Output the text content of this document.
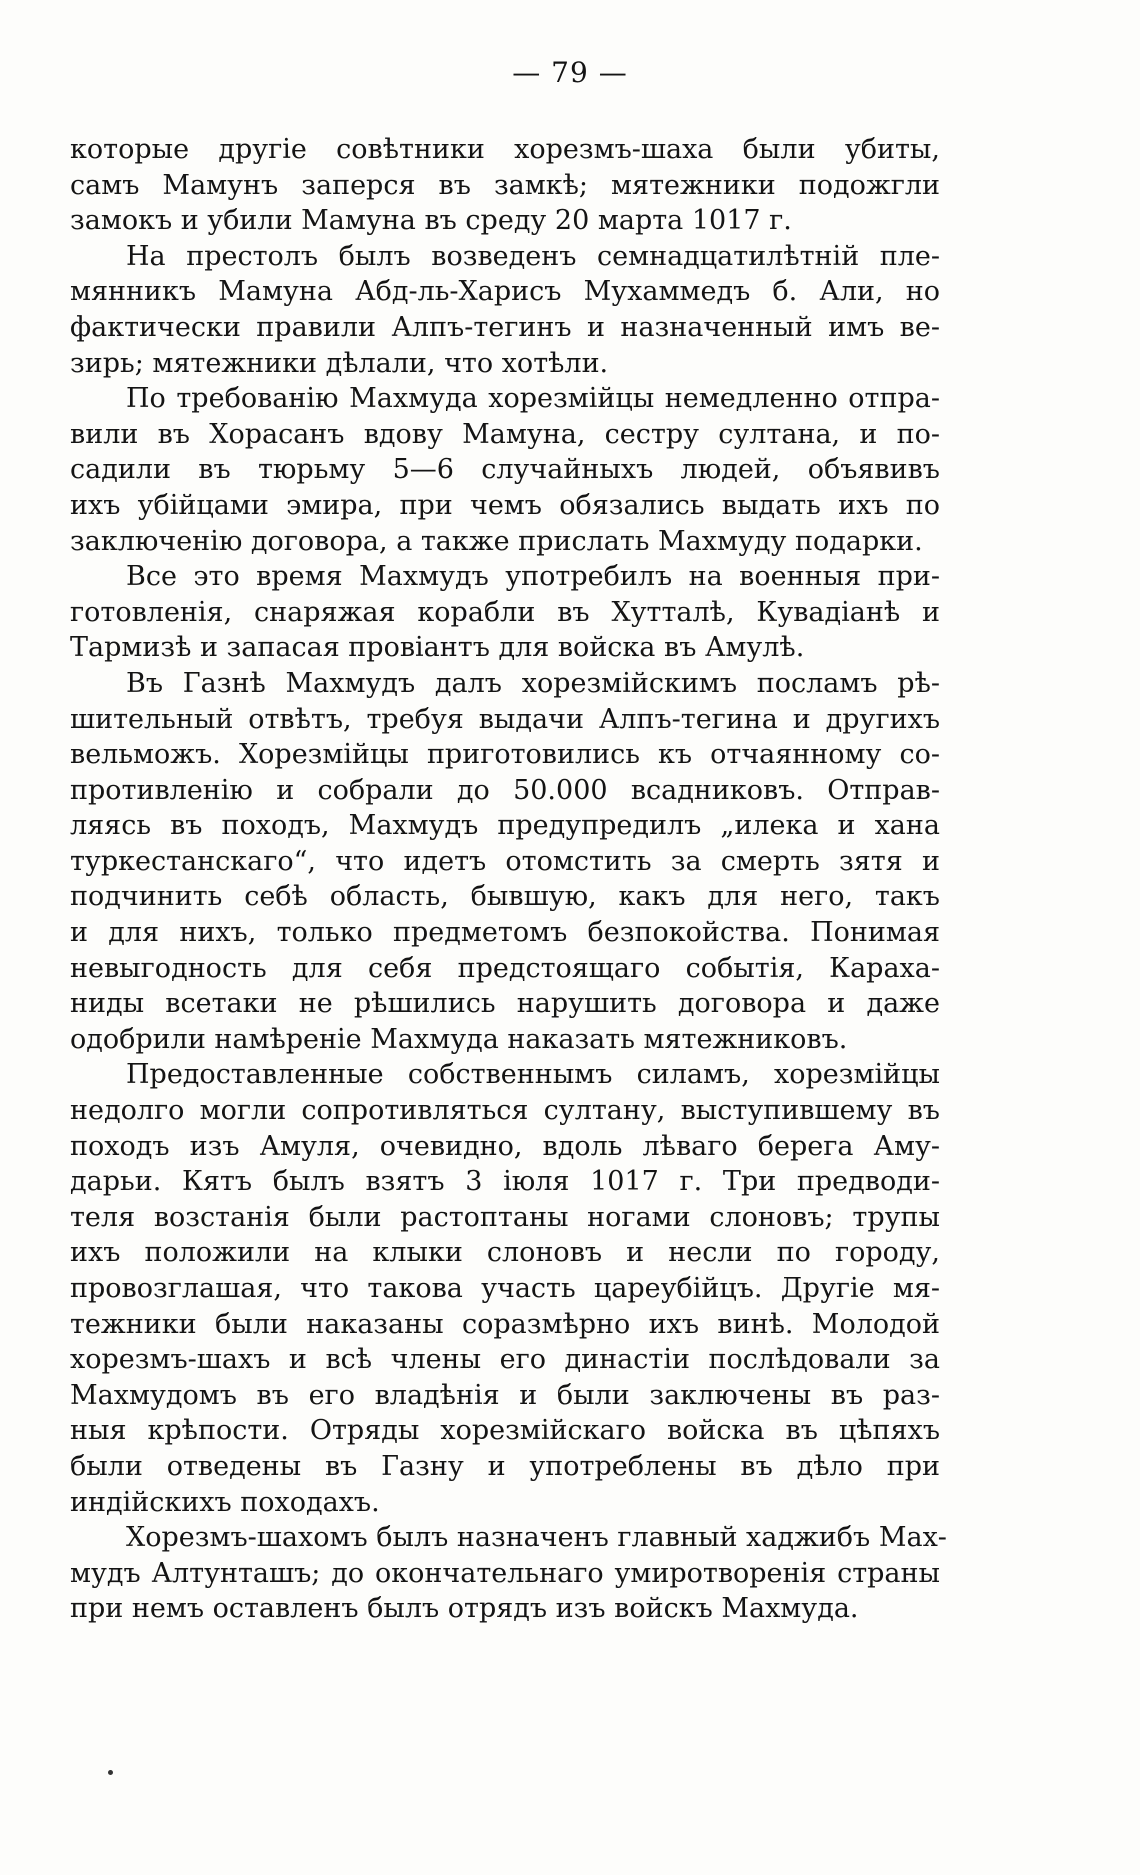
— 79 —
которые другіе совѣтники хорезмъ-шаха были убиты,
самъ Мамунъ заперся въ замкѣ; мятежники подожгли
замокъ и убили Мамуна въ среду 20 марта 1017 г.
На престолъ былъ возведенъ семнадцатилѣтній пле-
мянникъ Мамуна Абд-ль-Харисъ Мухаммедъ б. Али, но
фактически правили Алпъ-тегинъ и назначенный имъ ве-
зирь; мятежники дѣлали, что хотѣли.
По требованію Махмуда хорезмійцы немедленно отпра-
вили въ Хорасанъ вдову Мамуна, сестру султана, и по-
садили въ тюрьму 5—6 случайныхъ людей, объявивъ
ихъ убійцами эмира, при чемъ обязались выдать ихъ по
заключенію договора, а также прислать Махмуду подарки.
Все это время Махмудъ употребилъ на военныя при-
готовленія, снаряжая корабли въ Хутталѣ, Кувадіанѣ и
Тармизѣ и запасая провіантъ для войска въ Амулѣ.
Въ Газнѣ Махмудъ далъ хорезмійскимъ посламъ рѣ-
шительный отвѣтъ, требуя выдачи Алпъ-тегина и другихъ
вельможъ. Хорезмійцы приготовились къ отчаянному со-
противленію и собрали до 50.000 всадниковъ. Отправ-
ляясь въ походъ, Махмудъ предупредилъ „илека и хана
туркестанскаго“, что идетъ отомстить за смерть зятя и
подчинить себѣ область, бывшую, какъ для него, такъ
и для нихъ, только предметомъ безпокойства. Понимая
невыгодность для себя предстоящаго событія, Караха-
ниды всетаки не рѣшились нарушить договора и даже
одобрили намѣреніе Махмуда наказать мятежниковъ.
Предоставленные собственнымъ силамъ, хорезмійцы
недолго могли сопротивляться султану, выступившему въ
походъ изъ Амуля, очевидно, вдоль лѣваго берега Аму-
дарьи. Кятъ былъ взятъ 3 іюля 1017 г. Три предводи-
теля возстанія были растоптаны ногами слоновъ; трупы
ихъ положили на клыки слоновъ и несли по городу,
провозглашая, что такова участь цареубійцъ. Другіе мя-
тежники были наказаны соразмѣрно ихъ винѣ. Молодой
хорезмъ-шахъ и всѣ члены его династіи послѣдовали за
Махмудомъ въ его владѣнія и были заключены въ раз-
ныя крѣпости. Отряды хорезмійскаго войска въ цѣпяхъ
были отведены въ Газну и употреблены въ дѣло при
индійскихъ походахъ.
Хорезмъ-шахомъ былъ назначенъ главный хаджибъ Мах-
мудъ Алтунташъ; до окончательнаго умиротворенія страны
при немъ оставленъ былъ отрядъ изъ войскъ Махмуда.
